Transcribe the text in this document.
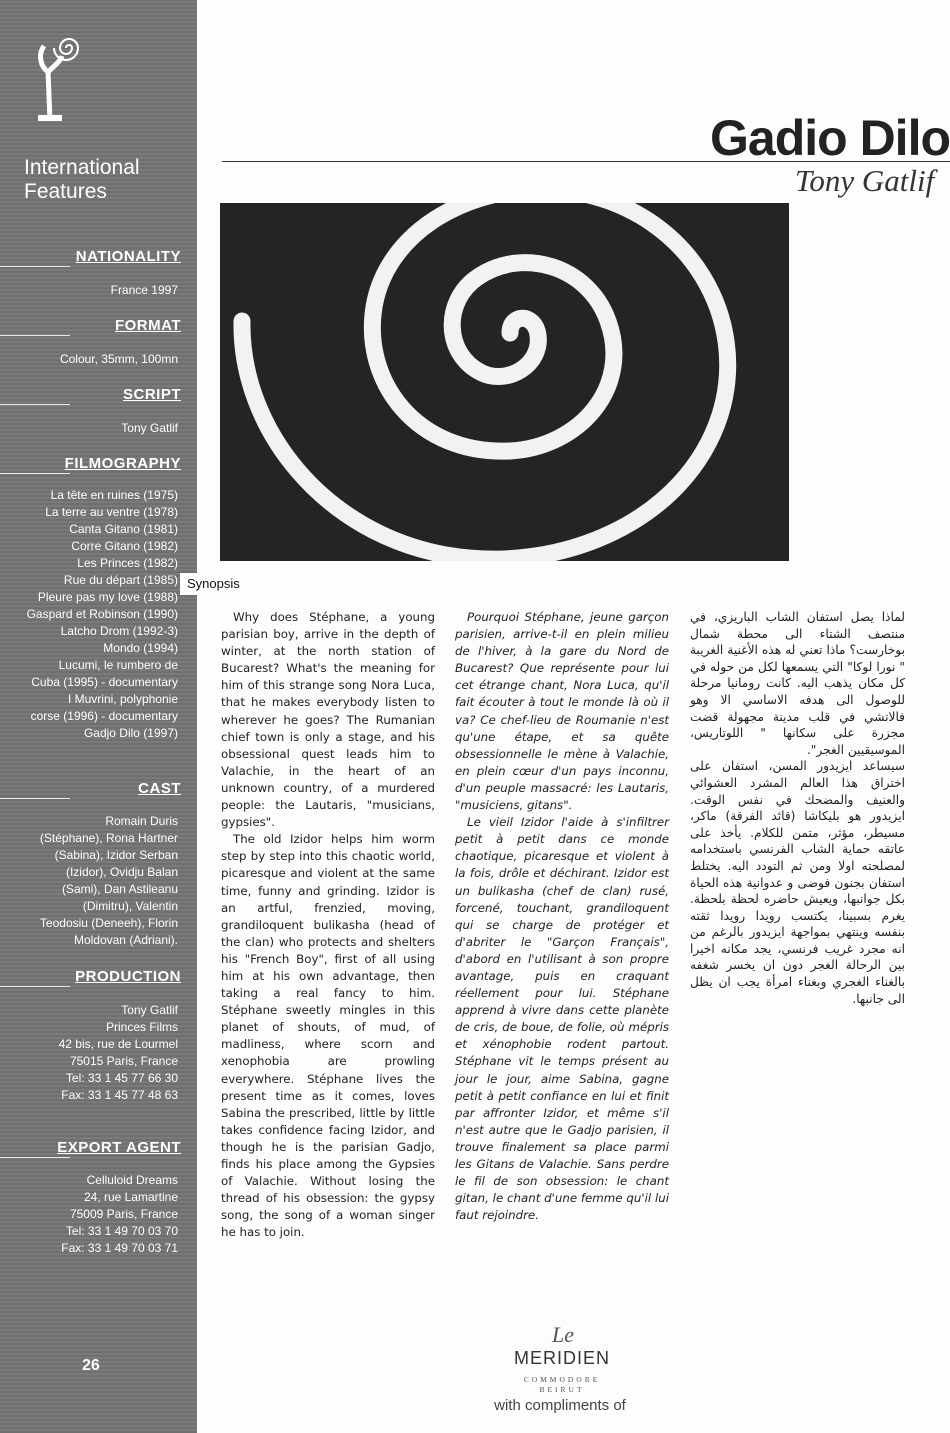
International
Features
NATIONALITY
France 1997
FORMAT
Colour, 35mm, 100mn
SCRIPT
Tony Gatlif
FILMOGRAPHY
La tête en ruines (1975)
La terre au ventre (1978)
Canta Gitano (1981)
Corre Gitano (1982)
Les Princes (1982)
Rue du départ (1985)
Pleure pas my love (1988)
Gaspard et Robinson (1990)
Latcho Drom (1992-3)
Mondo (1994)
Lucumi, le rumbero de
Cuba (1995) - documentary
I Muvrini, polyphonie
corse (1996) - documentary
Gadjo Dilo (1997)
CAST
Romain Duris
(Stéphane), Rona Hartner
(Sabina), Izidor Serban
(Izidor), Ovidju Balan
(Sami), Dan Astileanu
(Dimitru), Valentin
Teodosiu (Deneeh), Florin
Moldovan (Adriani).
PRODUCTION
Tony Gatlif
Princes Films
42 bis, rue de Lourmel
75015 Paris, France
Tel: 33 1 45 77 66 30
Fax: 33 1 45 77 48 63
EXPORT AGENT
Celluloid Dreams
24, rue Lamartine
75009 Paris, France
Tel: 33 1 49 70 03 70
Fax: 33 1 49 70 03 71
26
Synopsis
Gadio Dilo
Tony Gatlif

Why does Stéphane, a young parisian boy, arrive in the depth of winter, at the north station of Bucarest? What's the meaning for him of this strange song Nora Luca, that he makes everybody listen to wherever he goes? The Rumanian chief town is only a stage, and his obsessional quest leads him to Valachie, in the heart of an unknown country, of a murdered people: the Lautaris, "musicians, gypsies".

The old Izidor helps him worm step by step into this chaotic world, picaresque and violent at the same time, funny and grinding. Izidor is an artful, frenzied, moving, grandiloquent bulikasha (head of the clan) who protects and shelters his "French Boy", first of all using him at his own advantage, then taking a real fancy to him. Stéphane sweetly mingles in this planet of shouts, of mud, of madliness, where scorn and xenophobia are prowling everywhere. Stéphane lives the present time as it comes, loves Sabina the prescribed, little by little takes confidence facing Izidor, and though he is the parisian Gadjo, finds his place among the Gypsies of Valachie. Without losing the thread of his obsession: the gypsy song, the song of a woman singer he has to join.

Pourquoi Stéphane, jeune garçon parisien, arrive-t-il en plein milieu de l'hiver, à la gare du Nord de Bucarest? Que représente pour lui cet étrange chant, Nora Luca, qu'il fait écouter à tout le monde là où il va? Ce chef-lieu de Roumanie n'est qu'une étape, et sa quête obsessionnelle le mène à Valachie, en plein cœur d'un pays inconnu, d'un peuple massacré: les Lautaris, "musiciens, gitans".

Le vieil Izidor l'aide à s'infiltrer petit à petit dans ce monde chaotique, picaresque et violent à la fois, drôle et déchirant. Izidor est un bulikasha (chef de clan) rusé, forcené, touchant, grandiloquent qui se charge de protéger et d'abriter le "Garçon Français", d'abord en l'utilisant à son propre avantage, puis en craquant réellement pour lui. Stéphane apprend à vivre dans cette planète de cris, de boue, de folie, où mépris et xénophobie rodent partout. Stéphane vit le temps présent au jour le jour, aime Sabina, gagne petit à petit confiance en lui et finit par affronter Izidor, et même s'il n'est autre que le Gadjo parisien, il trouve finalement sa place parmi les Gitans de Valachie. Sans perdre le fil de son obsession: le chant gitan, le chant d'une femme qu'il lui faut rejoindre.

لماذا يصل استفان الشاب الباريزي، في منتصف الشتاء الى محطة شمال بوخارست؟ ماذا تعني له هذه الأغنية الغريبة " نورا لوكا" التي يسمعها لكل من حوله في كل مكان يذهب اليه. كانت رومانيا مرحلة للوصول الى هدفه الاساسي الا وهو فالاتشي في قلب مدينة مجهولة قضت مجزرة على سكانها " اللوتاريس، الموسيقيين الغجر".

سيساعد ايزيدور المسن، استفان على اختراق هذا العالم المشرد العشوائي والعنيف والمضحك في نفس الوقت. ايزيدور هو بليكاشا (قائد الفرقة) ماكر، مسيطر، مؤثر، متمن للكلام. يأخذ على عاتقه حماية الشاب الفرنسي باستخدامه لمصلحته اولا ومن ثم التودد اليه. يختلط استفان بجنون فوضى و عدوانية هذه الحياة بكل جوانبها، ويعيش حاضره لحظة بلحظة. يغرم بسبينا، يكتسب رويدا رويدا ثقته بنفسه وينتهي بمواجهة ايزيدور بالرغم من انه مجرد غريب فرنسي، يجد مكانه اخيرا بين الرحالة الغجر دون ان يخسر شغفه بالغناء الغجري وبغناء امرأة يجب ان يظل الى جانبها.

Le
MERIDIEN
COMMODORE
BEIRUT
with compliments of
